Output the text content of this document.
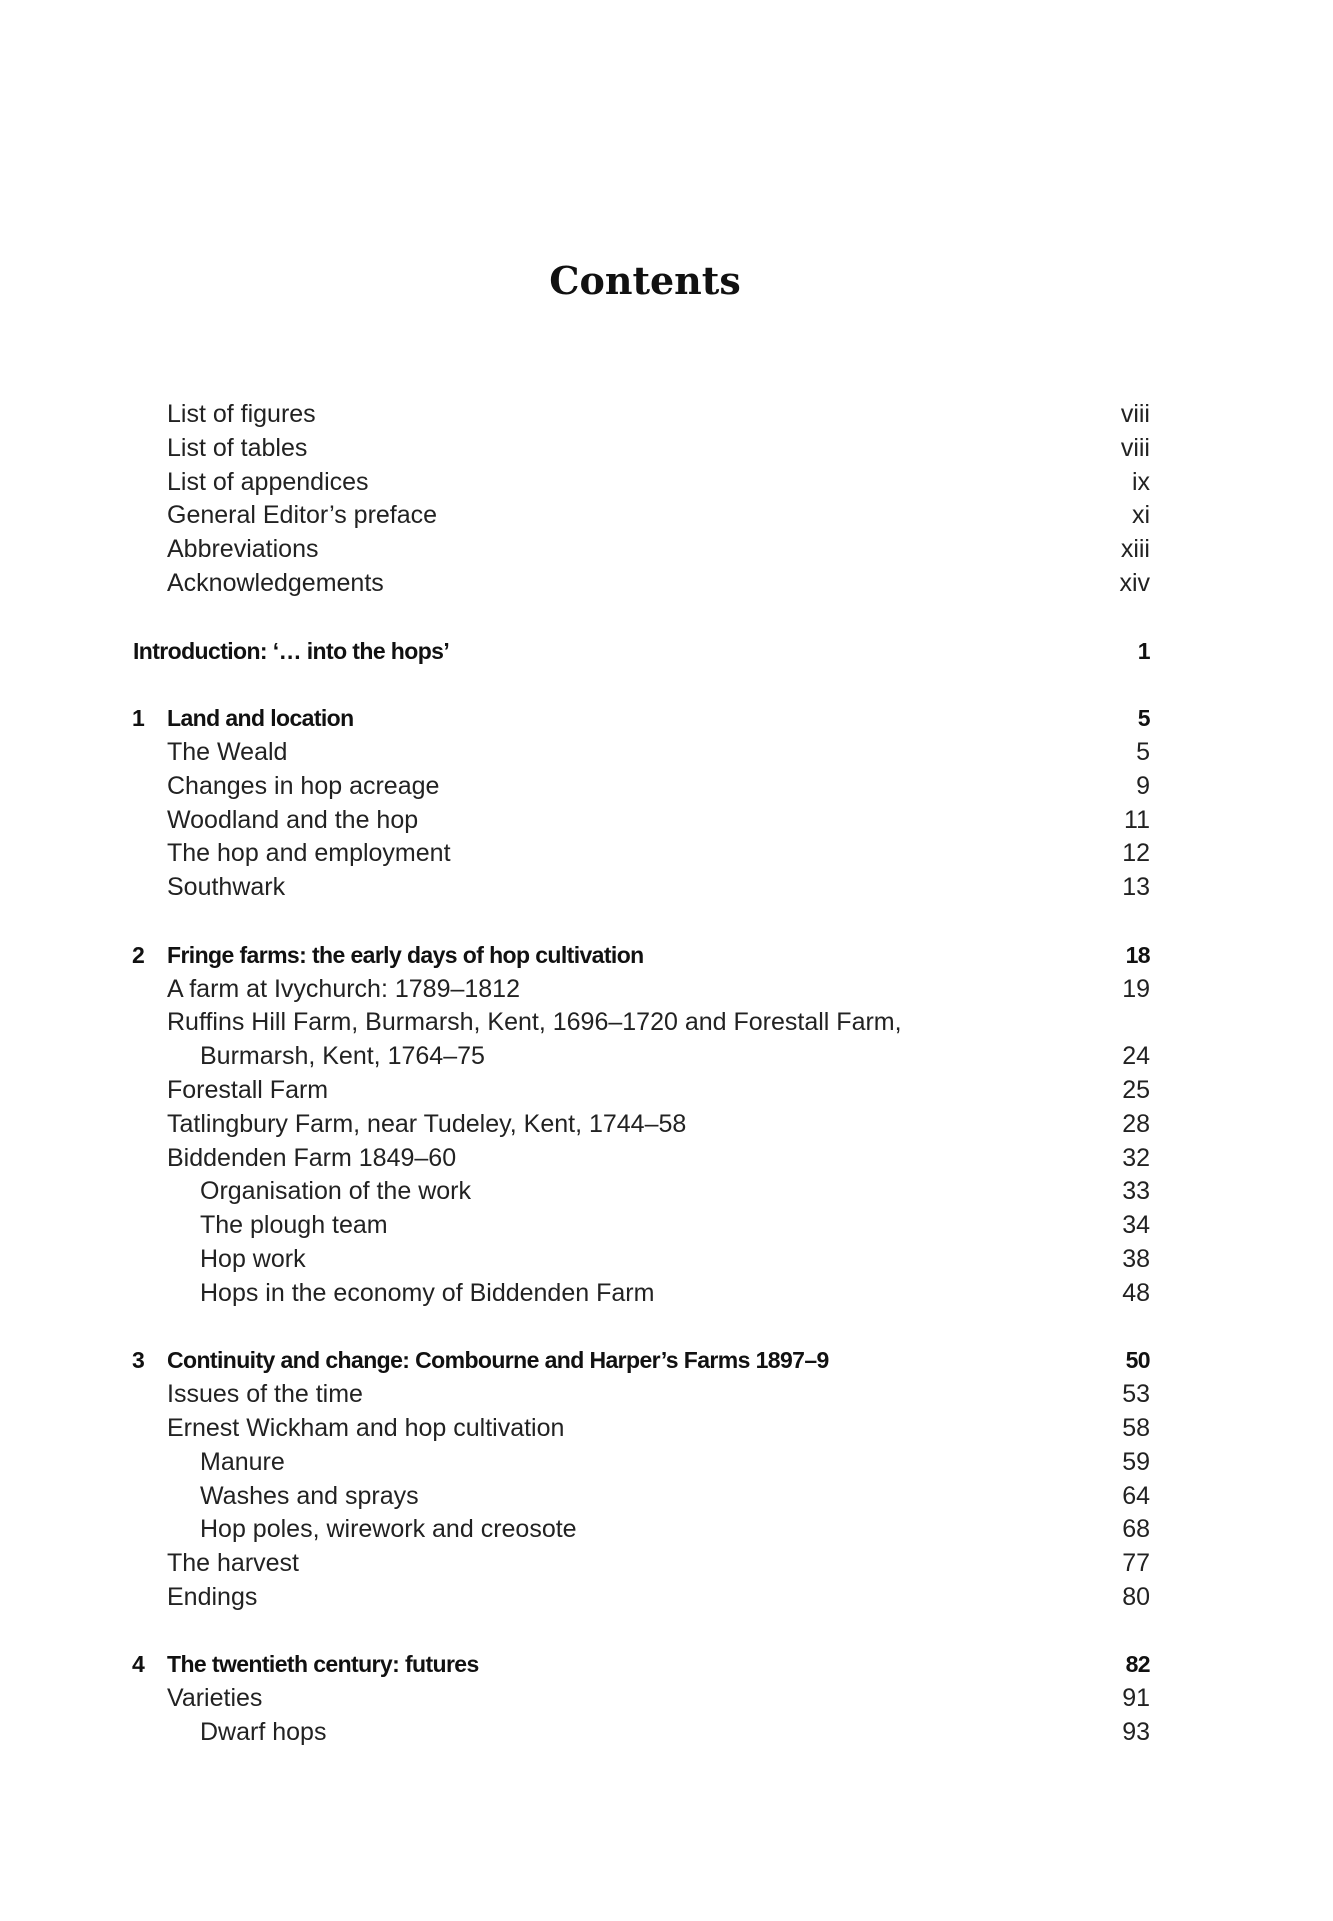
Contents
List of figures	viii
List of tables	viii
List of appendices	ix
General Editor’s preface	xi
Abbreviations	xiii
Acknowledgements	xiv
Introduction: ‘… into the hops’	1
1 Land and location	5
The Weald	5
Changes in hop acreage	9
Woodland and the hop	11
The hop and employment	12
Southwark	13
2 Fringe farms: the early days of hop cultivation	18
A farm at Ivychurch: 1789–1812	19
Ruffins Hill Farm, Burmarsh, Kent, 1696–1720 and Forestall Farm,
Burmarsh, Kent, 1764–75	24
Forestall Farm	25
Tatlingbury Farm, near Tudeley, Kent, 1744–58	28
Biddenden Farm 1849–60	32
Organisation of the work	33
The plough team	34
Hop work	38
Hops in the economy of Biddenden Farm	48
3 Continuity and change: Combourne and Harper’s Farms 1897–9	50
Issues of the time	53
Ernest Wickham and hop cultivation	58
Manure	59
Washes and sprays	64
Hop poles, wirework and creosote	68
The harvest	77
Endings	80
4 The twentieth century: futures	82
Varieties	91
Dwarf hops	93
